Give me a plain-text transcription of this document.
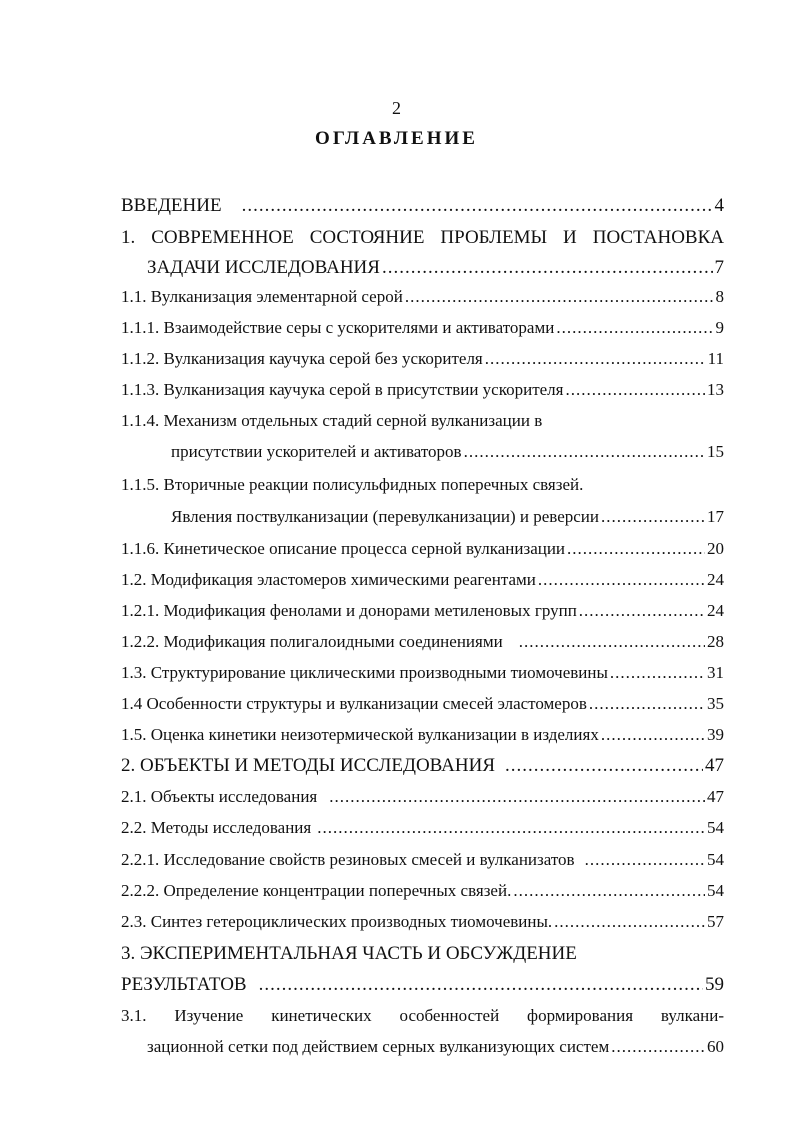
2
ОГЛАВЛЕНИЕ
ВВЕДЕНИЕ .....	4
1. СОВРЕМЕННОЕ СОСТОЯНИЕ ПРОБЛЕМЫ И ПОСТАНОВКА
ЗАДАЧИ ИССЛЕДОВАНИЯ .....	7
1.1. Вулканизация элементарной серой .....	8
1.1.1. Взаимодействие серы с ускорителями и активаторами .....	9
1.1.2. Вулканизация каучука серой без ускорителя .....	11
1.1.3. Вулканизация каучука серой в присутствии ускорителя .....	13
1.1.4. Механизм отдельных стадий серной вулканизации в
присутствии ускорителей и активаторов .....	15
1.1.5. Вторичные реакции полисульфидных поперечных связей.
Явления поствулканизации (перевулканизации) и реверсии .....	17
1.1.6. Кинетическое описание процесса серной вулканизации .....	20
1.2. Модификация эластомеров химическими реагентами .....	24
1.2.1. Модификация фенолами и донорами метиленовых групп .....	24
1.2.2. Модификация полигалоидными соединениями .....	28
1.3. Структурирование циклическими производными тиомочевины .....	31
1.4 Особенности структуры и вулканизации смесей эластомеров .....	35
1.5. Оценка кинетики неизотермической вулканизации в изделиях .....	39
2. ОБЪЕКТЫ И МЕТОДЫ ИССЛЕДОВАНИЯ .....	47
2.1. Объекты исследования .....	47
2.2. Методы исследования .....	54
2.2.1. Исследование свойств резиновых смесей и вулканизатов .....	54
2.2.2. Определение концентрации поперечных связей. .....	54
2.3. Синтез гетероциклических производных тиомочевины. .....	57
3. ЭКСПЕРИМЕНТАЛЬНАЯ ЧАСТЬ И ОБСУЖДЕНИЕ
РЕЗУЛЬТАТОВ .....	59
3.1. Изучение кинетических особенностей формирования вулкани-
зационной сетки под действием серных вулканизующих систем .....	60
